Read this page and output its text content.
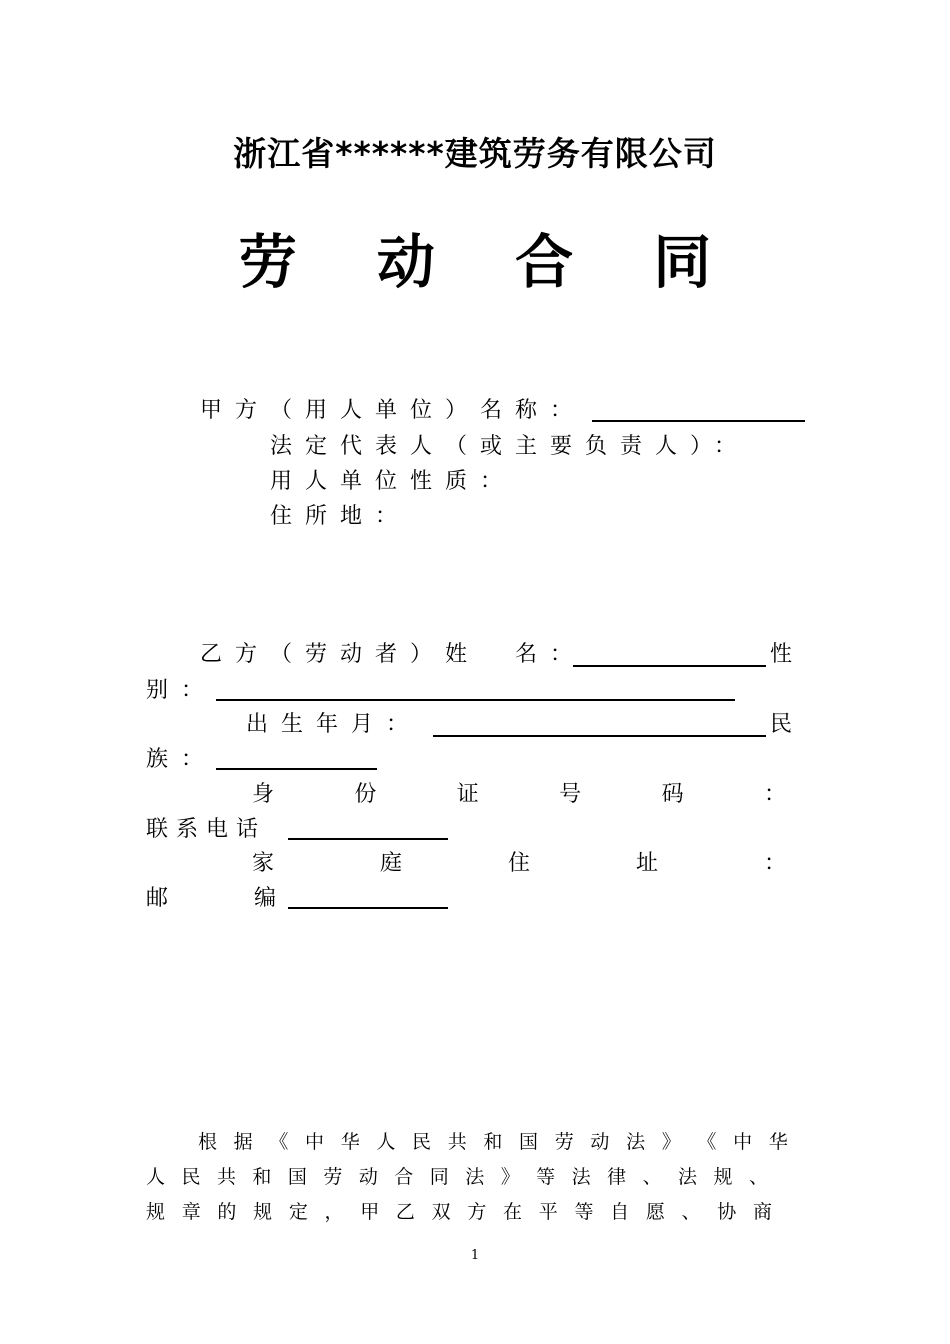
浙江省******建筑劳务有限公司
劳 动 合 同
甲方（用人单位）名称：
法定代表人（或主要负责人）：
用人单位性质：
住所地：
乙方（劳动者）姓　名：	性
别：
出生年月：	民
族：
身	份	证	号	码	：
联系电话
家	庭	住	址	：
邮	编
根 据 《 中 华 人 民 共 和 国 劳 动 法 》 《 中 华
人 民 共 和 国 劳 动 合 同 法 》 等 法 律 、 法 规 、
规 章 的 规 定 ， 甲 乙 双 方 在 平 等 自 愿 、 协 商
1
